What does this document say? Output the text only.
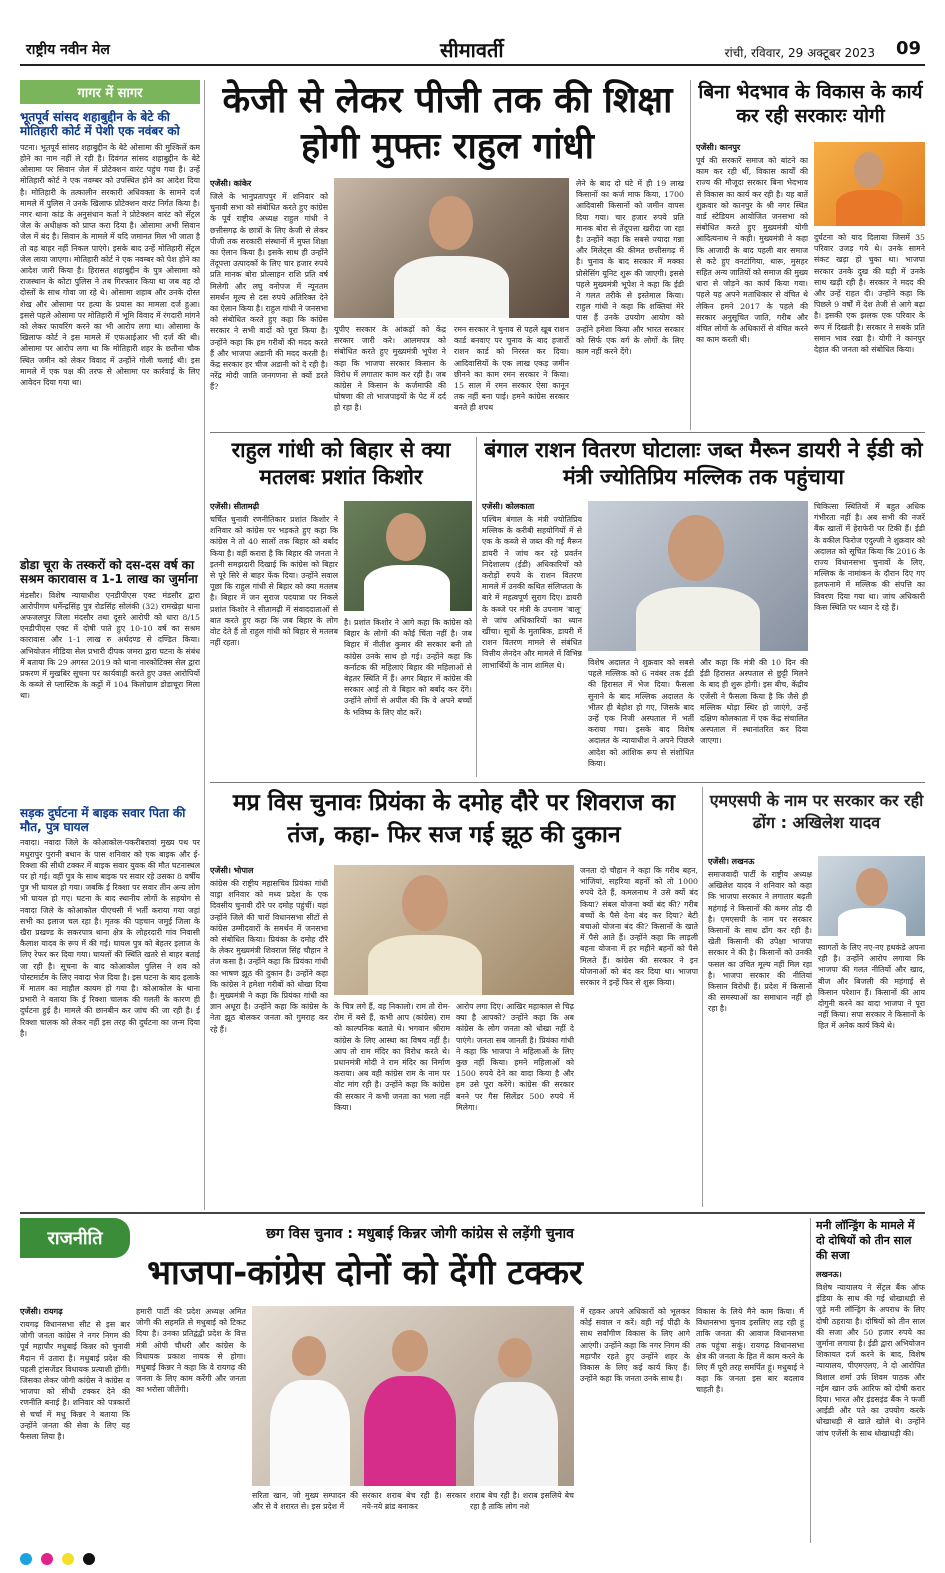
राष्ट्रीय नवीन मेल	सीमावर्ती	रांची, रविवार, 29 अक्टूबर 2023 09
गागर में सागर
भूतपूर्व सांसद शहाबुद्दीन के बेटे की मोतिहारी कोर्ट में पेशी एक नवंबर को
पटना। भूतपूर्व सांसद शहाबुद्दीन के बेटे ओसामा की मुश्किलें कम होने का नाम नहीं ले रही है। दिवंगत सांसद शहाबुद्दीन के बेटे ओसामा पर सिवान जेल में प्रोटेक्शन वारंट पहुंच गया है। उन्हें मोतिहारी कोर्ट ने एक नवम्बर को उपस्थित होने का आदेश दिया है। मोतिहारी के तत्कालीन सरकारी अधिवक्ता के सामने दर्ज मामले में पुलिस ने उनके खिलाफ प्रोटेक्शन वारंट निर्गत किया है। नगर थाना कांड के अनुसंधान कर्ता ने प्रोटेक्शन वारंट को सेंट्रल जेल के अधीक्षक को प्राप्त करा दिया है। ओसामा अभी सिवान जेल में बंद है। सिवान के मामले में यदि जमानत मिल भी जाता है तो वह बाहर नहीं निकल पाएंगे। इसके बाद उन्हें मोतिहारी सेंट्रल जेल लाया जाएगा। मोतिहारी कोर्ट ने एक नवम्बर को पेश होने का आदेश जारी किया है। हिरासत शहाबुद्दीन के पुत्र ओसामा को राजस्थान के कोटा पुलिस ने तब गिरफ्तार किया था जब वह दो दोस्तों के साथ गोवा जा रहे थे। ओसामा शहाब और उनके दोस्त शेख और ओसामा पर हत्या के प्रयास का मामला दर्ज हुआ। इससे पहले ओसामा पर मोतिहारी में भूमि विवाद में रंगदारी मांगने को लेकर फायरिंग करने का भी आरोप लगा था। ओसामा के खिलाफ कोर्ट ने इस मामले में एफआईआर भी दर्ज की थी। ओसामा पर आरोप लगा था कि मोतिहारी शहर के छतौना चौक स्थित जमीन को लेकर विवाद में उन्होंने गोली चलाई थी। इस मामले में एक पक्ष की तरफ से ओसामा पर कार्रवाई के लिए आवेदन दिया गया था।
डोडा चूरा के तस्करों को दस-दस वर्ष का सश्रम कारावास व 1-1 लाख का जुर्माना
मंडसौर। विशेष न्यायाधीश एनडीपीएस एक्ट मंडसौर द्वारा आरोपीगण धर्मेन्द्रसिंह पुत्र रोडसिंह सोलंकी (32) रामखेड़ा थाना अफजलपुर जिला मंदसौर तथा दूसरे आरोपी को धारा 8/15 एनडीपीएस एक्ट में दोषी पाते हुए 10-10 वर्ष का सश्रम कारावास और 1-1 लाख रु अर्थदण्ड से दण्डित किया। अभियोजन मीडिया सेल प्रभारी दीपक जमरा द्वारा घटना के संबंध में बताया कि 29 अगस्त 2019 को थाना नारकोटिक्स सेल द्वारा प्रकरण में मुखबिर सूचना पर कार्यवाही करते हुए उक्त आरोपियों के कब्जे से प्लास्टिक के कट्टों में 104 किलोग्राम डोडाचूरा मिला था।
सड़क दुर्घटना में बाइक सवार पिता की मौत, पुत्र घायल
नवादा। नवादा जिले के कोआकोल-पकरीबरावां मुख्य पथ पर मधुरापुर पुरानी बथान के पास शनिवार को एक बाइक और ई-रिक्शा की सीधी टक्कर में बाइक सवार युवक की मौत घटनास्थल पर हो गई। वहीं पुत्र के साथ बाइक पर सवार रहे उसका 8 वर्षीय पुत्र भी घायल हो गया। जबकि ई रिक्शा पर सवार तीन अन्य लोग भी घायल हो गए। घटना के बाद स्थानीय लोगों के सहयोग से नवादा जिले के कोआकोल पीएचसी में भर्ती कराया गया जहां सभी का इलाज चल रहा है। मृतक की पहचान जमुई जिला के खैरा प्रखण्ड के सकरपात्र थाना क्षेत्र के लोहरदारी गांव निवासी कैलाश यादव के रूप में की गई। घायल पुत्र को बेहतर इलाज के लिए रेफर कर दिया गया। घायलों की स्थिति खतरे से बाहर बताई जा रही है। सूचना के बाद कोआकोल पुलिस ने शव को पोस्टमार्टम के लिए नवादा भेज दिया है। इस घटना के बाद इलाके में मातम का माहौल कायम हो गया है। कोआकोल के थाना प्रभारी ने बताया कि ई रिक्शा चालक की गलती के कारण ही दुर्घटना हुई है। मामले की छानबीन कर जांच की जा रही है। ई रिक्शा चालक को लेकर नहीं इस तरह की दुर्घटना का जन्म दिया है।
केजी से लेकर पीजी तक की शिक्षा होगी मुफ्तः राहुल गांधी
एजेंसी। कांकेर
जिले के भानुप्रतापपुर में शनिवार को चुनावी सभा को संबोधित करते हुए कांग्रेस के पूर्व राष्ट्रीय अध्यक्ष राहुल गांधी ने छत्तीसगढ़ के छात्रों के लिए केजी से लेकर पीजी तक सरकारी संस्थानों में मुफ्त शिक्षा का ऐलान किया है। इसके साथ ही उन्होंने तेंदूपत्ता उत्पादकों के लिए चार हजार रुपये प्रति मानक बोरा प्रोत्साहन राशि प्रति वर्ष मिलेगी और लघु वनोपज में न्यूनतम समर्थन मूल्य से दस रुपये अतिरिक्त देने का ऐलान किया है। राहुल गांधी ने जनसभा को संबोधित करते हुए कहा कि कांग्रेस सरकार ने सभी वादों को पूरा किया है। उन्होंने कहा कि हम गरीबों की मदद करते हैं और भाजपा अडानी की मदद करती है। केंद्र सरकार हर चीज अडानी को दे रही है। नरेंद्र मोदी जाति जनगणना से क्यों डरते हैं?
यूपीए सरकार के आंकड़ों को केंद्र सरकार जारी करे। आलमपत्र को संबोधित करते हुए मुख्यमंत्री भूपेश ने कहा कि भाजपा सरकार किसान के विरोध में लगातार काम कर रही है। जब कांग्रेस ने किसान के कर्जमाफी की घोषणा की तो भाजपाइयों के पेट में दर्द हो रहा है।
रमन सरकार ने चुनाव से पहले खूब राशन कार्ड बनवाए पर चुनाव के बाद हजारों राशन कार्ड को निरस्त कर दिया। आदिवासियों के एक लाख एकड़ जमीन छीनने का काम रमन सरकार ने किया। 15 साल में रमन सरकार ऐसा कानून तक नहीं बना पाई। हमने कांग्रेस सरकार बनते ही शपथ
लेने के बाद दो घंटे में ही 19 लाख किसानों का कर्ज माफ किया, 1700 आदिवासी किसानों को जमीन वापस दिया गया। चार हजार रुपये प्रति मानक बोरा से तेंदूपत्ता खरीदा जा रहा है। उन्होंने कहा कि सबसे ज्यादा गन्ना और मिलेट्स की कीमत छत्तीसगढ़ में है। चुनाव के बाद सरकार में मक्का प्रोसेसिंग यूनिट शुरू की जाएगी। इससे पहले मुख्यमंत्री भूपेश ने कहा कि ईडी ने गलत तरीके से इस्तेमाल किया। राहुल गांधी ने कहा कि शक्तियां मेरे पास हैं उनके उपयोग आयोग को उन्होंने हमेशा किया और भारत सरकार को सिर्फ एक वर्ग के लोगों के लिए काम नहीं करने देंगे।
बिना भेदभाव के विकास के कार्य कर रही सरकारः योगी
एजेंसी। कानपुर
पूर्व की सरकारें समाज को बांटने का काम कर रही थीं, विकास कार्यों की राज्य की मौजूदा सरकार बिना भेदभाव से विकास का कार्य कर रही है। यह बातें शुक्रवार को कानपुर के श्री नगर स्थित वार्ड स्टेडियम आयोजित जनसभा को संबोधित करते हुए मुख्यमंत्री योगी आदित्यनाथ ने कही। मुख्यमंत्री ने कहा कि आजादी के बाद पहली बार समाज से कटे हुए वनटांगिया, थारू, मुसहर सहित अन्य जातियों को समाज की मुख्य धारा से जोड़ने का कार्य किया गया। पहले यह अपने मताधिकार से वंचित थे लेकिन हमने 2017 के पहले की सरकार अनुसूचित जाति, गरीब और वंचित लोगों के अधिकारों से वंचित करने का काम करती थी।
दुर्घटना को याद दिलाया जिसमें 35 परिवार उजड़ गये थे। उनके सामने संकट खड़ा हो चुका था। भाजपा सरकार उनके दुख की घड़ी में उनके साथ खड़ी रही है। सरकार ने मदद की और उन्हें राहत दी। उन्होंने कहा कि पिछले 9 वर्षों में देश तेजी से आगे बढ़ा है। इसकी एक झलक एक परिवार के रूप में दिखती है। सरकार ने सबके प्रति समान भाव रखा है। योगी ने कानपुर देहात की जनता को संबोधित किया।
राहुल गांधी को बिहार से क्या मतलबः प्रशांत किशोर
एजेंसी। सीतामढ़ी
चर्चित चुनावी रणनीतिकार प्रशांत किशोर ने शनिवार को कांग्रेस पर भड़कते हुए कहा कि कांग्रेस ने तो 40 सालों तक बिहार को बर्बाद किया है। वहीं करारा है कि बिहार की जनता ने इतनी समझदारी दिखाई कि कांग्रेस को बिहार से पूरे सिरे से बाहर फेंक दिया। उन्होंने सवाल पूछा कि राहुल गांधी से बिहार को क्या मतलब है। बिहार में जन सुराज पदयात्रा पर निकले प्रशांत किशोर ने सीतामढ़ी में संवाददाताओं से बात करते हुए कहा कि जब बिहार के लोग वोट देते हैं तो राहुल गांधी को बिहार से मतलब नहीं रहता।
है। प्रशांत किशोर ने आगे कहा कि कांग्रेस को बिहार के लोगों की कोई चिंता नहीं है। जब बिहार में नीतीश कुमार की सरकार बनी तो कांग्रेस उनके साथ हो गई। उन्होंने कहा कि कर्नाटक की महिलाएं बिहार की महिलाओं से बेहतर स्थिति में हैं। अगर बिहार में कांग्रेस की सरकार आई तो वे बिहार को बर्बाद कर देंगे। उन्होंने लोगों से अपील की कि वे अपने बच्चों के भविष्य के लिए वोट करें।
बंगाल राशन वितरण घोटालाः जब्त मैरून डायरी ने ईडी को मंत्री ज्योतिप्रिय मल्लिक तक पहुंचाया
एजेंसी। कोलकाता
पश्चिम बंगाल के मंत्री ज्योतिप्रिय मल्लिक के करीबी सहयोगियों में से एक के कब्जे से जब्त की गई मैरून डायरी ने जांच कर रहे प्रवर्तन निदेशालय (ईडी) अधिकारियों को करोड़ों रुपये के राशन वितरण मामले में उनकी कथित संलिप्तता के बारे में महत्वपूर्ण सुराग दिए। डायरी के कब्जे पर मंत्री के उपनाम 'बालू' से जांच अधिकारियों का ध्यान खींचा। सूत्रों के मुताबिक, डायरी में राशन वितरण मामले से संबंधित वित्तीय लेनदेन और मामले में विभिन्न लाभार्थियों के नाम शामिल थे।	विशेष अदालत ने शुक्रवार को सबसे पहले मल्लिक को 6 नवंबर तक ईडी की हिरासत में भेज दिया। फैसला सुनाने के बाद मल्लिक अदालत के भीतर ही बेहोश हो गए, जिसके बाद उन्हें एक निजी अस्पताल में भर्ती कराया गया। इसके बाद विशेष अदालत के न्यायाधीश ने अपने पिछले आदेश को आंशिक रूप से संशोधित किया।
और कहा कि मंत्री की 10 दिन की ईडी हिरासत अस्पताल से छुट्टी मिलने के बाद ही शुरू होगी। इस बीच, केंद्रीय एजेंसी ने फैसला किया है कि जैसे ही मल्लिक थोड़ा स्थिर हो जाएंगे, उन्हें दक्षिण कोलकाता में एक केंद्र संचालित अस्पताल में स्थानांतरित कर दिया जाएगा।
चिकित्सा स्थितियों में बहुत अधिक गंभीरता नहीं है। अब सभी की नजरें बैंक खातों में हेराफेरी पर टिकी हैं। ईडी के वकील फिरोज एदुल्जी ने शुक्रवार को अदालत को सूचित किया कि 2016 के राज्य विधानसभा चुनावों के लिए, मल्लिक के नामांकन के दौरान दिए गए हलफनामे में मल्लिक की संपत्ति का विवरण दिया गया था। जांच अधिकारी किस स्थिति पर ध्यान दे रहे हैं।
मप्र विस चुनावः प्रियंका के दमोह दौरे पर शिवराज का तंज, कहा- फिर सज गई झूठ की दुकान
एजेंसी। भोपाल
कांग्रेस की राष्ट्रीय महासचिव प्रियंका गांधी वाड्रा शनिवार को मध्य प्रदेश के एक दिवसीय चुनावी दौरे पर दमोह पहुंचीं। यहां उन्होंने जिले की चारों विधानसभा सीटों से कांग्रेस उम्मीदवारों के समर्थन में जनसभा को संबोधित किया। प्रियंका के दमोह दौरे के लेकर मुख्यमंत्री शिवराज सिंह चौहान ने तंज कसा है। उन्होंने कहा कि प्रियंका गांधी का भाषण झूठ की दुकान है। उन्होंने कहा कि कांग्रेस ने हमेशा गरीबों को धोखा दिया है। मुख्यमंत्री ने कहा कि प्रियंका गांधी का ज्ञान अधूरा है। उन्होंने कहा कि कांग्रेस के नेता झूठ बोलकर जनता को गुमराह कर रहे हैं।
के चित्र लगे हैं, वह निकालो। राम तो रोम-रोम में बसे हैं, कभी आप (कांग्रेस) राम को काल्पनिक बताते थे। भगवान श्रीराम कांग्रेस के लिए आस्था का विषय नहीं है। आप तो राम मंदिर का विरोध करते थे। प्रधानमंत्री मोदी ने राम मंदिर का निर्माण कराया। अब वही कांग्रेस राम के नाम पर वोट मांग रही है। उन्होंने कहा कि कांग्रेस की सरकार ने कभी जनता का भला नहीं किया।
आरोप लगा दिए। आखिर महाकाल से चिढ़ क्या है आपको? उन्होंने कहा कि अब कांग्रेस के लोग जनता को धोखा नहीं दे पाएंगे। जनता सब जानती है। प्रियंका गांधी ने कहा कि भाजपा ने महिलाओं के लिए कुछ नहीं किया। हमने महिलाओं को 1500 रुपये देने का वादा किया है और हम उसे पूरा करेंगे। कांग्रेस की सरकार बनने पर गैस सिलेंडर 500 रुपये में मिलेगा।
जनता दो चौहान ने कहा कि गरीब बहन, भांजियां, सहरिया बहनों को तो 1000 रुपये देते हैं, कमलनाथ ने उसे क्यों बंद किया? संबल योजना क्यों बंद की? गरीब बच्चों के पैसे देना बंद कर दिया? बेटी बचाओ योजना बंद की? किसानों के खाते में पैसे आते हैं। उन्होंने कहा कि लाड़ली बहना योजना में हर महीने बहनों को पैसे मिलते हैं। कांग्रेस की सरकार ने इन योजनाओं को बंद कर दिया था। भाजपा सरकार ने इन्हें फिर से शुरू किया।
एमएसपी के नाम पर सरकार कर रही ढोंग : अखिलेश यादव
एजेंसी। लखनऊ
समाजवादी पार्टी के राष्ट्रीय अध्यक्ष अखिलेश यादव ने शनिवार को कहा कि भाजपा सरकार ने लगातार बढ़ती महंगाई ने किसानों की कमर तोड़ दी है। एमएसपी के नाम पर सरकार किसानों के साथ ढोंग कर रही है। खेती किसानी की उपेक्षा भाजपा सरकार ने की है। किसानों को उनकी फसल का उचित मूल्य नहीं मिल रहा है। भाजपा सरकार की नीतियां किसान विरोधी हैं। प्रदेश में किसानों की समस्याओं का समाधान नहीं हो रहा है।
स्वागतों के लिए नए-नए हथकंडे अपना रही है। उन्होंने आरोप लगाया कि भाजपा की गलत नीतियों और खाद, बीज और बिजली की महंगाई से किसान परेशान हैं। किसानों की आय दोगुनी करने का वादा भाजपा ने पूरा नहीं किया। सपा सरकार ने किसानों के हित में अनेक कार्य किये थे।
राजनीति	छग विस चुनाव : मधुबाई किन्नर जोगी कांग्रेस से लड़ेंगी चुनाव
भाजपा-कांग्रेस दोनों को देंगी टक्कर
एजेंसी। रायगढ़
रायगढ़ विधानसभा सीट से इस बार जोगी जनता कांग्रेस ने नगर निगम की पूर्व महापौर मधुबाई किन्नर को चुनावी मैदान में उतारा है। मधुबाई प्रदेश की पहली ट्रांसजेंडर विधायक प्रत्याशी होंगी। जिसका लेकर जोगी कांग्रेस ने कांग्रेस व भाजपा को सीधी टक्कर देने की रणनीति बनाई है। शनिवार को पत्रकारों से चर्चा में मधु किन्नर ने बताया कि उन्होंने जनता की सेवा के लिए यह फैसला लिया है।
हमारी पार्टी की प्रदेश अध्यक्ष अमित जोगी की सहमति से मधुबाई को टिकट दिया है। उनका प्रतिद्वंद्वी प्रदेश के वित्त मंत्री ओपी चौधरी और कांग्रेस के विधायक प्रकाश नायक से होगा। मधुबाई किन्नर ने कहा कि वे रायगढ़ की जनता के लिए काम करेंगी और जनता का भरोसा जीतेंगी।
सरिता खान, जो मुख्य सम्पादन की और से वे शरारत से। इस प्रदेश में
सरकार शराब बेच रही है। सरकार नये-नये ब्रांड बनाकर
शराब बेच रही है। शराब इसलिये बेच रहा है ताकि लोग नशे
में रहकर अपने अधिकारों को भूलकर कोई सवाल न करें। वही नई पीढ़ी के साथ सर्वांगीण विकास के लिए आगे आएंगी। उन्होंने कहा कि नगर निगम की महापौर रहते हुए उन्होंने शहर के विकास के लिए कई कार्य किए हैं। उन्होंने कहा कि जनता उनके साथ है।
विकास के लिये मैने काम किया। मैं विधानसभा चुनाव इसलिए लड़ रही हूं ताकि जनता की आवाज विधानसभा तक पहुंचा सकूं। रायगढ़ विधानसभा क्षेत्र की जनता के हित में काम करने के लिए मैं पूरी तरह समर्पित हूं। मधुबाई ने कहा कि जनता इस बार बदलाव चाहती है।
मनी लॉन्ड्रिंग के मामले में दो दोषियों को तीन साल की सजा
लखनऊ।
विशेष न्यायालय ने सेंट्रल बैंक ऑफ इंडिया के साथ की गई धोखाधड़ी से जुड़े मनी लॉन्ड्रिंग के अपराध के लिए दोषी ठहराया है। दोषियों को तीन साल की सजा और 50 हजार रुपये का जुर्माना लगाया है। ईडी द्वारा अभियोजन शिकायत दर्ज करने के बाद, विशेष न्यायालय, पीएमएलए, ने दो आरोपित विशाल शर्मा उर्फ शिवम पाठक और नईम खान उर्फ आरिफ को दोषी करार दिया। भारत और इंडसइंड बैंक ने फर्जी आईडी और पते का उपयोग करके धोखाधड़ी से खाते खोले थे। उन्होंने जांच एजेंसी के साथ धोखाधड़ी की।
